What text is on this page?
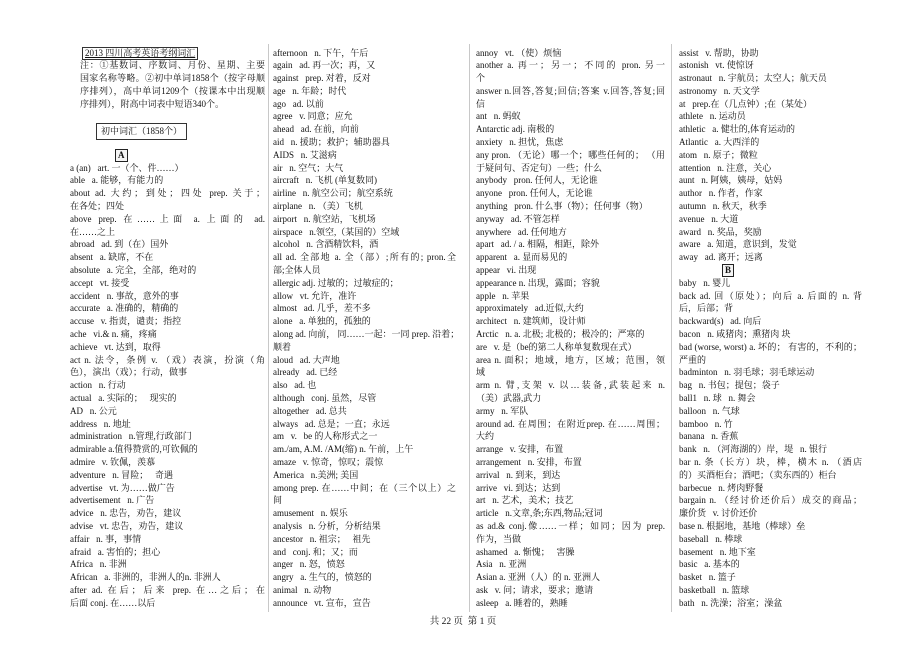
共 22 页  第 1 页
2013 四川高考英语考纲词汇
注：①基数词、序数词、月份、星期、主要
国家名称等略。②初中单词1858个（按字母顺
序排列），高中单词1209个（按课本中出现顺
序排列），附高中词表中短语340个。
初中词汇（1858个）
A
a (an)   art. 一（个、件……）
able   a. 能够，有能力的
about ad. 大约；到处；四处 prep. 关于；
在各处；四处
above prep. 在……上面 a. 上面的 ad.
在……之上
abroad   ad. 到（在）国外
absent   a. 缺席，不在
absolute   a. 完全，全部，绝对的
accept   vt. 接受
accident   n. 事故，意外的事
accurate   a. 准确的，精确的
accuse   v. 指责，谴责；指控
ache   vi.& n. 痛，疼痛
achieve   vt. 达到，取得
act n. 法令，条例 v. （戏）表演，扮演（角
色），演出（戏）；行动，做事
action   n. 行动
actual   a. 实际的；   现实的
AD   n. 公元
address   n. 地址
administration   n.管理,行政部门
admirable a.值得赞赏的,可钦佩的
admire   v. 钦佩，羡慕
adventure   n. 冒险；   奇遇
advertise   vt. 为……做广告
advertisement   n. 广告
advice   n. 忠告，劝告，建议
advise   vt. 忠告，劝告，建议
affair   n. 事，事情
afraid   a. 害怕的；担心
Africa   n. 非洲
African   a. 非洲的，非洲人的n. 非洲人
after ad. 在后；后来 prep. 在…之后；在
后面 conj. 在……以后
afternoon   n. 下午，午后
again   ad. 再一次；再，又
against   prep. 对着，反对
age   n. 年龄；时代
ago   ad. 以前
agree   v. 同意；应允
ahead   ad. 在前，向前
aid   n. 援助；救护；辅助器具
AIDS   n. 艾滋病
air   n. 空气；大气
aircraft   n. 飞机 (单复数同)
airline   n. 航空公司；航空系统
airplane   n. （美）飞机
airport   n. 航空站，飞机场
airspace   n.领空,（某国的）空域
alcohol   n. 含酒精饮料，酒
all ad. 全部地 a. 全（部）;所有的; pron.全
部;全体人员
allergic adj. 过敏的；过敏症的；
allow   vt. 允许，准许
almost   ad. 几乎，差不多
alone   a. 单独的，孤独的
along ad. 向前， 同……一起：一同 prep. 沿着；
顺着
aloud   ad. 大声地
already   ad. 已经
also   ad. 也
although   conj. 虽然，尽管
altogether   ad. 总共
always   ad. 总是；一直；永远
am   v.   be 的人称形式之一
am./am, A.M. /AM(缩) n. 午前，上午
amaze   v. 惊奇，惊叹；震惊
America   n.美洲; 美国
among prep. 在……中间；在（三个以上）之
间
amusement   n. 娱乐
analysis   n. 分析，分析结果
ancestor   n. 祖宗；   祖先
and   conj. 和；又；而
anger   n. 怒，愤怒
angry   a. 生气的，愤怒的
animal   n. 动物
announce   vt. 宣布，宣告
annoy   vt. （使）烦恼
another a. 再一；另一；不同的 pron. 另一
个
answer n.回答,答复;回信;答案 v.回答,答复;回
信
ant   n. 蚂蚁
Antarctic adj. 南极的
anxiety   n. 担忧，焦虑
any pron. （无论）哪一个；哪些任何的； （用
于疑问句、否定句）一些；什么
anybody   pron. 任何人，无论谁
anyone   pron. 任何人，无论谁
anything   pron. 什么事（物）；任何事（物）
anyway   ad. 不管怎样
anywhere   ad. 任何地方
apart   ad. / a. 相隔，相距，除外
apparent   a. 显而易见的
appear   vi. 出现
appearance n. 出现，露面；容貌
apple   n. 苹果
approximately   ad.近似,大约
architect   n. 建筑师，设计师
Arctic   n. a. 北极; 北极的；极冷的；严寒的
are   v. 是（be的第二人称单复数现在式）
area n. 面积；地域，地方，区域；范围，领
域
arm n. 臂,支架 v. 以…装备,武装起来 n.
（美）武器,武力
army   n. 军队
around ad. 在周围；在附近prep. 在……周围；
大约
arrange   v. 安排，布置
arrangement   n. 安排，布置
arrival   n. 到来，到达
arrive   vi. 到达；达到
art   n. 艺术，美术；技艺
article   n.文章,条;东西,物品;冠词
as ad.& conj.像……一样；如同；因为 prep.
作为，当做
ashamed   a. 惭愧；   害臊
Asia   n. 亚洲
Asian a. 亚洲（人）的 n. 亚洲人
ask   v. 问；请求，要求；邀请
asleep   a. 睡着的，熟睡
assist   v. 帮助，协助
astonish   vt. 使惊讶
astronaut   n. 宇航员；太空人；航天员
astronomy   n. 天文学
at   prep.在（几点钟）;在（某处）
athlete   n. 运动员
athletic   a. 健壮的,体育运动的
Atlantic   a. 大西洋的
atom   n. 原子；微粒
attention   n. 注意，关心
aunt   n. 阿姨，姨母，姑妈
author   n. 作者，作家
autumn   n. 秋天，秋季
avenue   n. 大道
award   n. 奖品，奖励
aware   a. 知道，意识到，发觉
away   ad. 离开；远离
B
baby   n. 婴儿
back ad. 回（原处）；向后 a. 后面的 n. 背
后，后部；背
backward(s)   ad. 向后
bacon   n. 咸猪肉；熏猪肉 块
bad (worse, worst) a. 坏的； 有害的，不利的；
严重的
badminton   n. 羽毛球；羽毛球运动
bag   n. 书包；提包；袋子
ball1   n. 球   n. 舞会
balloon   n. 气球
bamboo   n. 竹
banana   n. 香蕉
bank   n. （河海湖的）岸，堤   n. 银行
bar n. 条（长方）块，棒，横木 n. （酒店
的）买酒柜台；酒吧；（卖东西的）柜台
barbecue   n. 烤肉野餐
bargain n. （经讨价还价后）成交的商品；
廉价货   v. 讨价还价
base n. 根据地，基地（棒球）垒
baseball   n. 棒球
basement   n. 地下室
basic   a. 基本的
basket   n. 篮子
basketball   n. 篮球
bath   n. 洗澡；浴室；澡盆
